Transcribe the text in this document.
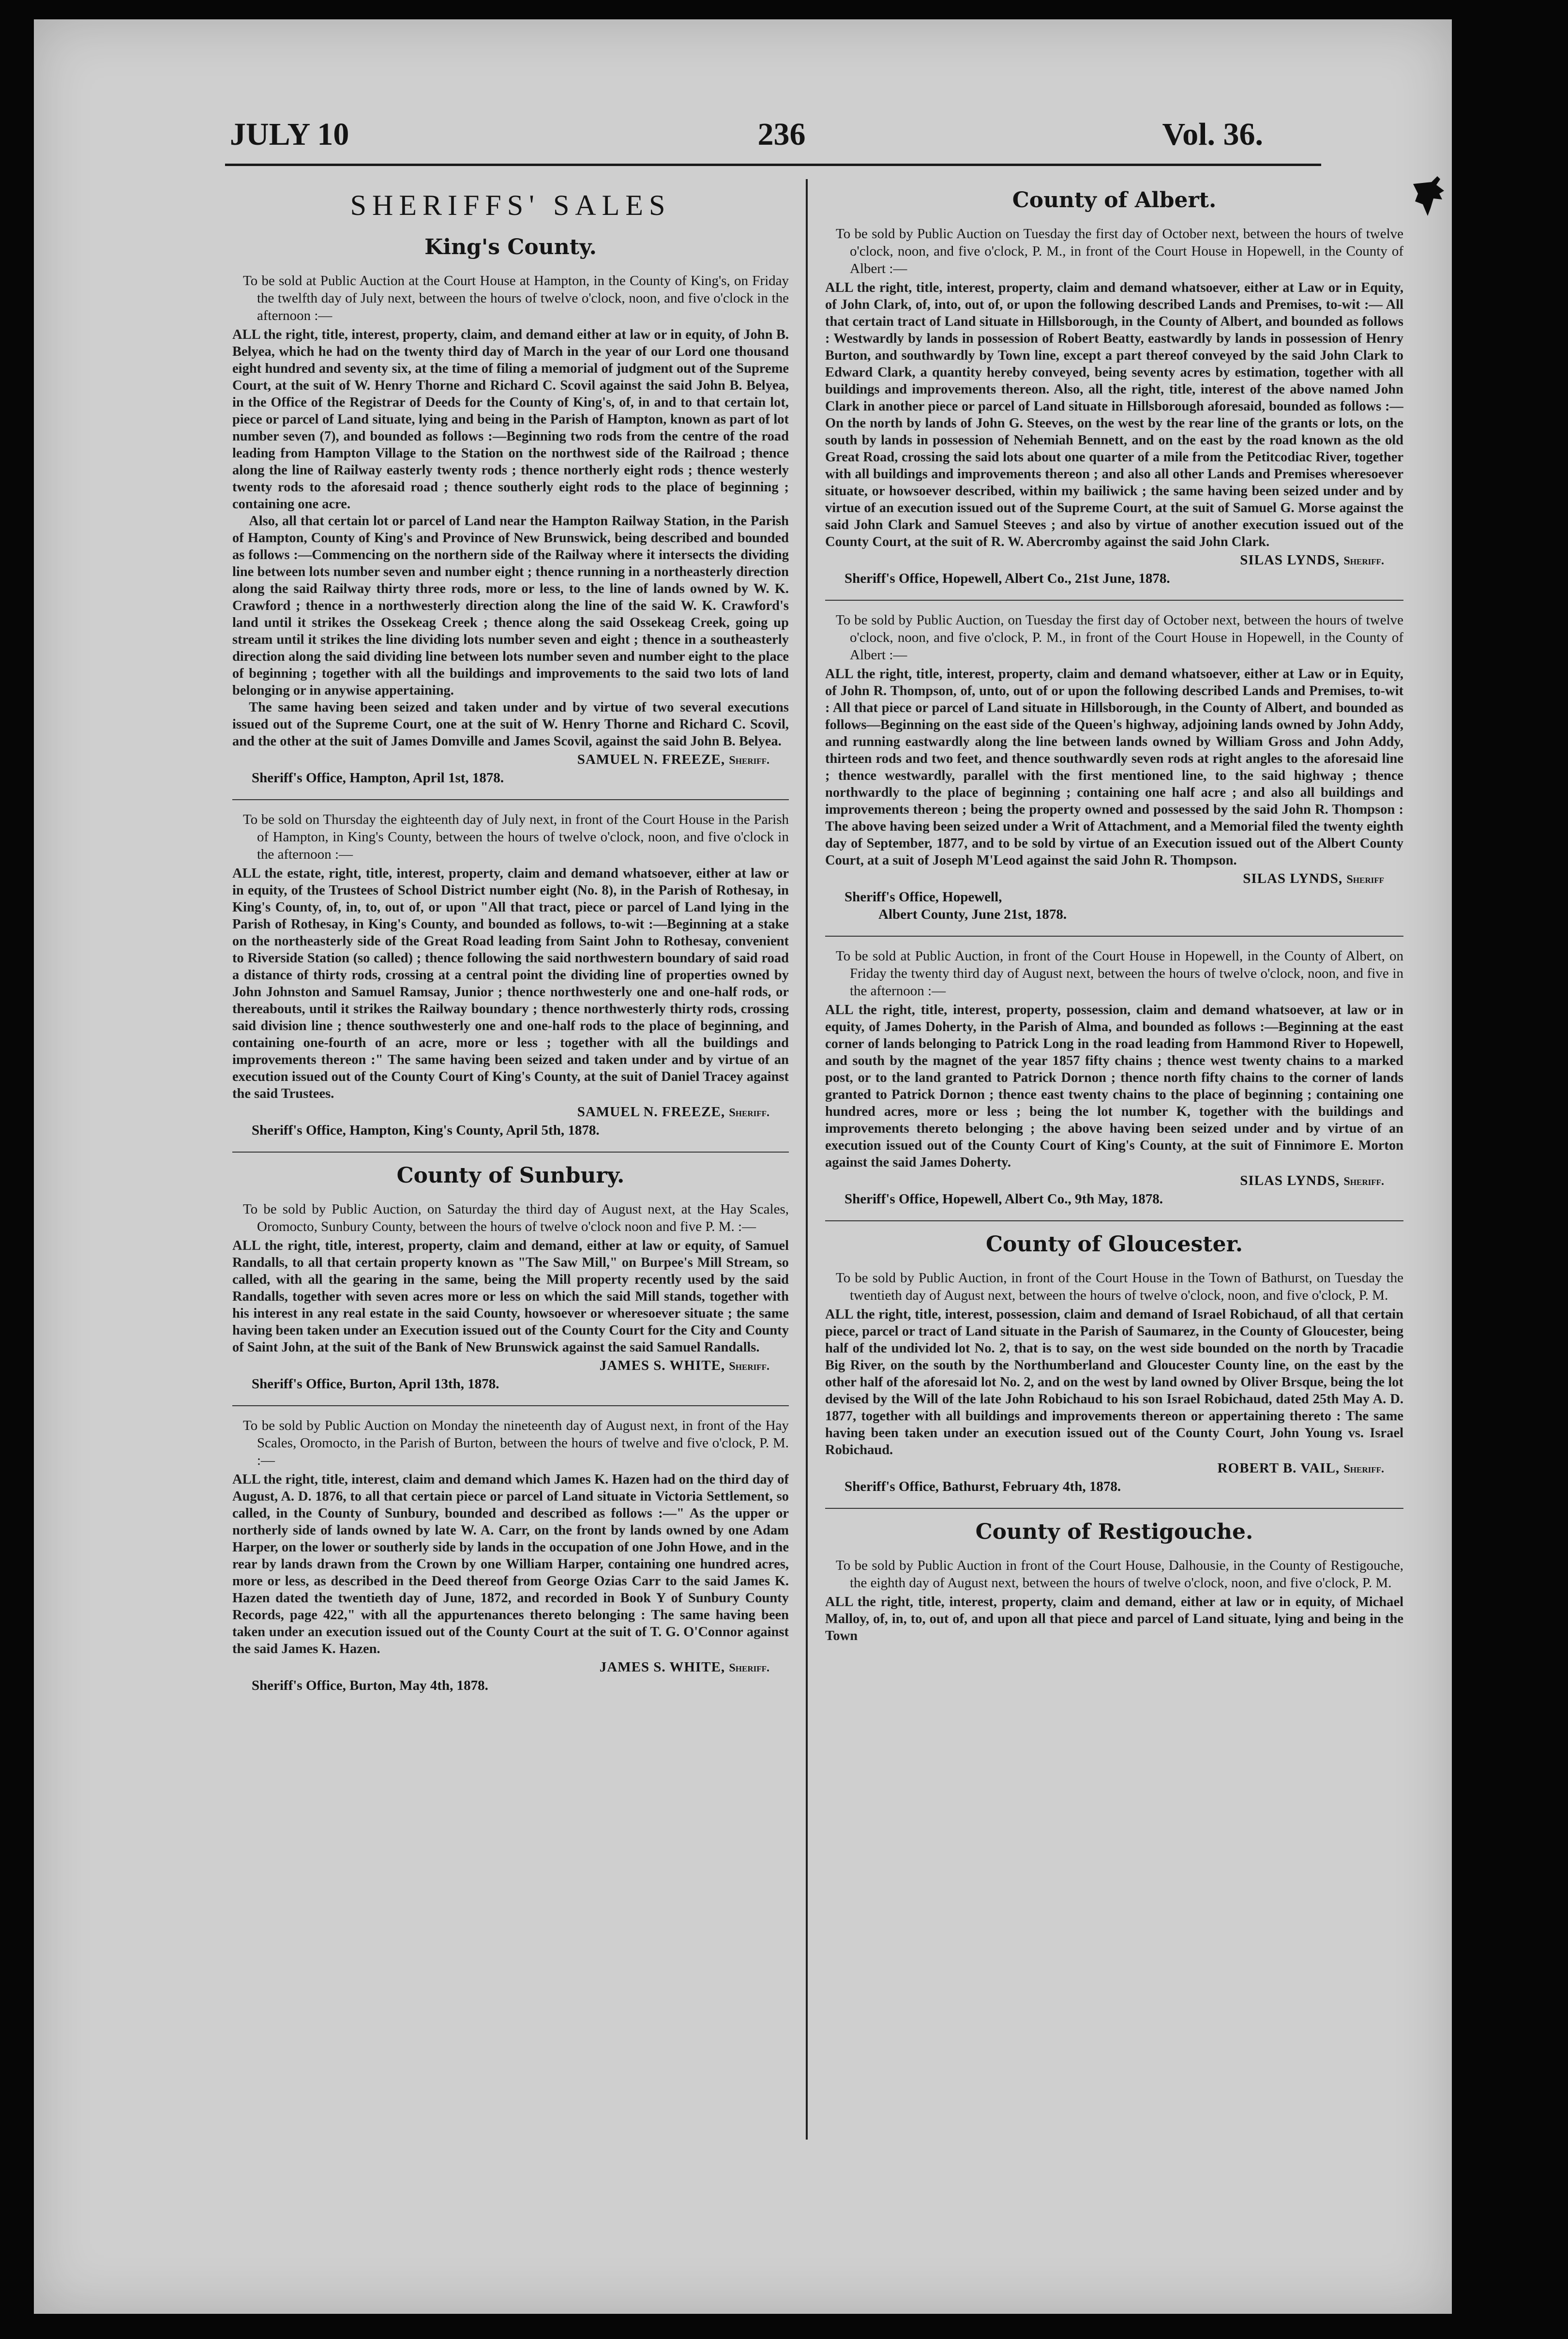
JULY 10	236	Vol. 36.
SHERIFFS' SALES
King's County.

To be sold at Public Auction at the Court House at Hampton, in the County of King's, on Friday the twelfth day of July next, between the hours of twelve o'clock, noon, and five o'clock in the afternoon :—

ALL the right, title, interest, property, claim, and demand either at law or in equity, of John B. Belyea, which he had on the twenty third day of March in the year of our Lord one thousand eight hundred and seventy six, at the time of filing a memorial of judgment out of the Supreme Court, at the suit of W. Henry Thorne and Richard C. Scovil against the said John B. Belyea, in the Office of the Registrar of Deeds for the County of King's, of, in and to that certain lot, piece or parcel of Land situate, lying and being in the Parish of Hampton, known as part of lot number seven (7), and bounded as follows :—Beginning two rods from the centre of the road leading from Hampton Village to the Station on the northwest side of the Railroad ; thence along the line of Railway easterly twenty rods ; thence northerly eight rods ; thence westerly twenty rods to the aforesaid road ; thence southerly eight rods to the place of beginning ; containing one acre.

Also, all that certain lot or parcel of Land near the Hampton Railway Station, in the Parish of Hampton, County of King's and Province of New Brunswick, being described and bounded as follows :—Commencing on the northern side of the Railway where it intersects the dividing line between lots number seven and number eight ; thence running in a northeasterly direction along the said Railway thirty three rods, more or less, to the line of lands owned by W. K. Crawford ; thence in a northwesterly direction along the line of the said W. K. Crawford's land until it strikes the Ossekeag Creek ; thence along the said Ossekeag Creek, going up stream until it strikes the line dividing lots number seven and eight ; thence in a southeasterly direction along the said dividing line between lots number seven and number eight to the place of beginning ; together with all the buildings and improvements to the said two lots of land belonging or in anywise appertaining.

The same having been seized and taken under and by virtue of two several executions issued out of the Supreme Court, one at the suit of W. Henry Thorne and Richard C. Scovil, and the other at the suit of James Domville and James Scovil, against the said John B. Belyea.

SAMUEL N. FREEZE, Sheriff.

Sheriff's Office, Hampton, April 1st, 1878.

To be sold on Thursday the eighteenth day of July next, in front of the Court House in the Parish of Hampton, in King's County, between the hours of twelve o'clock, noon, and five o'clock in the afternoon :—

ALL the estate, right, title, interest, property, claim and demand whatsoever, either at law or in equity, of the Trustees of School District number eight (No. 8), in the Parish of Rothesay, in King's County, of, in, to, out of, or upon "All that tract, piece or parcel of Land lying in the Parish of Rothesay, in King's County, and bounded as follows, to-wit :—Beginning at a stake on the northeasterly side of the Great Road leading from Saint John to Rothesay, convenient to Riverside Station (so called) ; thence following the said northwestern boundary of said road a distance of thirty rods, crossing at a central point the dividing line of properties owned by John Johnston and Samuel Ramsay, Junior ; thence northwesterly one and one-half rods, or thereabouts, until it strikes the Railway boundary ; thence northwesterly thirty rods, crossing said division line ; thence southwesterly one and one-half rods to the place of beginning, and containing one-fourth of an acre, more or less ; together with all the buildings and improvements thereon :" The same having been seized and taken under and by virtue of an execution issued out of the County Court of King's County, at the suit of Daniel Tracey against the said Trustees.

SAMUEL N. FREEZE, Sheriff.

Sheriff's Office, Hampton, King's County, April 5th, 1878.

County of Sunbury.

To be sold by Public Auction, on Saturday the third day of August next, at the Hay Scales, Oromocto, Sunbury County, between the hours of twelve o'clock noon and five P. M. :—

ALL the right, title, interest, property, claim and demand, either at law or equity, of Samuel Randalls, to all that certain property known as "The Saw Mill," on Burpee's Mill Stream, so called, with all the gearing in the same, being the Mill property recently used by the said Randalls, together with seven acres more or less on which the said Mill stands, together with his interest in any real estate in the said County, howsoever or wheresoever situate ; the same having been taken under an Execution issued out of the County Court for the City and County of Saint John, at the suit of the Bank of New Brunswick against the said Samuel Randalls.

JAMES S. WHITE, Sheriff.

Sheriff's Office, Burton, April 13th, 1878.

To be sold by Public Auction on Monday the nineteenth day of August next, in front of the Hay Scales, Oromocto, in the Parish of Burton, between the hours of twelve and five o'clock, P. M. :—

ALL the right, title, interest, claim and demand which James K. Hazen had on the third day of August, A. D. 1876, to all that certain piece or parcel of Land situate in Victoria Settlement, so called, in the County of Sunbury, bounded and described as follows :—" As the upper or northerly side of lands owned by late W. A. Carr, on the front by lands owned by one Adam Harper, on the lower or southerly side by lands in the occupation of one John Howe, and in the rear by lands drawn from the Crown by one William Harper, containing one hundred acres, more or less, as described in the Deed thereof from George Ozias Carr to the said James K. Hazen dated the twentieth day of June, 1872, and recorded in Book Y of Sunbury County Records, page 422," with all the appurtenances thereto belonging : The same having been taken under an execution issued out of the County Court at the suit of T. G. O'Connor against the said James K. Hazen.

JAMES S. WHITE, Sheriff.

Sheriff's Office, Burton, May 4th, 1878.

County of Albert.

To be sold by Public Auction on Tuesday the first day of October next, between the hours of twelve o'clock, noon, and five o'clock, P. M., in front of the Court House in Hopewell, in the County of Albert :—

ALL the right, title, interest, property, claim and demand whatsoever, either at Law or in Equity, of John Clark, of, into, out of, or upon the following described Lands and Premises, to-wit :— All that certain tract of Land situate in Hillsborough, in the County of Albert, and bounded as follows : Westwardly by lands in possession of Robert Beatty, eastwardly by lands in possession of Henry Burton, and southwardly by Town line, except a part thereof conveyed by the said John Clark to Edward Clark, a quantity hereby conveyed, being seventy acres by estimation, together with all buildings and improvements thereon. Also, all the right, title, interest of the above named John Clark in another piece or parcel of Land situate in Hillsborough aforesaid, bounded as follows :—On the north by lands of John G. Steeves, on the west by the rear line of the grants or lots, on the south by lands in possession of Nehemiah Bennett, and on the east by the road known as the old Great Road, crossing the said lots about one quarter of a mile from the Petitcodiac River, together with all buildings and improvements thereon ; and also all other Lands and Premises wheresoever situate, or howsoever described, within my bailiwick ; the same having been seized under and by virtue of an execution issued out of the Supreme Court, at the suit of Samuel G. Morse against the said John Clark and Samuel Steeves ; and also by virtue of another execution issued out of the County Court, at the suit of R. W. Abercromby against the said John Clark.

SILAS LYNDS, Sheriff.

Sheriff's Office, Hopewell, Albert Co., 21st June, 1878.

To be sold by Public Auction, on Tuesday the first day of October next, between the hours of twelve o'clock, noon, and five o'clock, P. M., in front of the Court House in Hopewell, in the County of Albert :—

ALL the right, title, interest, property, claim and demand whatsoever, either at Law or in Equity, of John R. Thompson, of, unto, out of or upon the following described Lands and Premises, to-wit : All that piece or parcel of Land situate in Hillsborough, in the County of Albert, and bounded as follows—Beginning on the east side of the Queen's highway, adjoining lands owned by John Addy, and running eastwardly along the line between lands owned by William Gross and John Addy, thirteen rods and two feet, and thence southwardly seven rods at right angles to the aforesaid line ; thence westwardly, parallel with the first mentioned line, to the said highway ; thence northwardly to the place of beginning ; containing one half acre ; and also all buildings and improvements thereon ; being the property owned and possessed by the said John R. Thompson : The above having been seized under a Writ of Attachment, and a Memorial filed the twenty eighth day of September, 1877, and to be sold by virtue of an Execution issued out of the Albert County Court, at a suit of Joseph M'Leod against the said John R. Thompson.

SILAS LYNDS, Sheriff

Sheriff's Office, Hopewell,

Albert County, June 21st, 1878.

To be sold at Public Auction, in front of the Court House in Hopewell, in the County of Albert, on Friday the twenty third day of August next, between the hours of twelve o'clock, noon, and five in the afternoon :—

ALL the right, title, interest, property, possession, claim and demand whatsoever, at law or in equity, of James Doherty, in the Parish of Alma, and bounded as follows :—Beginning at the east corner of lands belonging to Patrick Long in the road leading from Hammond River to Hopewell, and south by the magnet of the year 1857 fifty chains ; thence west twenty chains to a marked post, or to the land granted to Patrick Dornon ; thence north fifty chains to the corner of lands granted to Patrick Dornon ; thence east twenty chains to the place of beginning ; containing one hundred acres, more or less ; being the lot number K, together with the buildings and improvements thereto belonging ; the above having been seized under and by virtue of an execution issued out of the County Court of King's County, at the suit of Finnimore E. Morton against the said James Doherty.

SILAS LYNDS, Sheriff.

Sheriff's Office, Hopewell, Albert Co., 9th May, 1878.

County of Gloucester.

To be sold by Public Auction, in front of the Court House in the Town of Bathurst, on Tuesday the twentieth day of August next, between the hours of twelve o'clock, noon, and five o'clock, P. M.

ALL the right, title, interest, possession, claim and demand of Israel Robichaud, of all that certain piece, parcel or tract of Land situate in the Parish of Saumarez, in the County of Gloucester, being half of the undivided lot No. 2, that is to say, on the west side bounded on the north by Tracadie Big River, on the south by the Northumberland and Gloucester County line, on the east by the other half of the aforesaid lot No. 2, and on the west by land owned by Oliver Brsque, being the lot devised by the Will of the late John Robichaud to his son Israel Robichaud, dated 25th May A. D. 1877, together with all buildings and improvements thereon or appertaining thereto : The same having been taken under an execution issued out of the County Court, John Young vs. Israel Robichaud.

ROBERT B. VAIL, Sheriff.

Sheriff's Office, Bathurst, February 4th, 1878.

County of Restigouche.

To be sold by Public Auction in front of the Court House, Dalhousie, in the County of Restigouche, the eighth day of August next, between the hours of twelve o'clock, noon, and five o'clock, P. M.

ALL the right, title, interest, property, claim and demand, either at law or in equity, of Michael Malloy, of, in, to, out of, and upon all that piece and parcel of Land situate, lying and being in the Town
